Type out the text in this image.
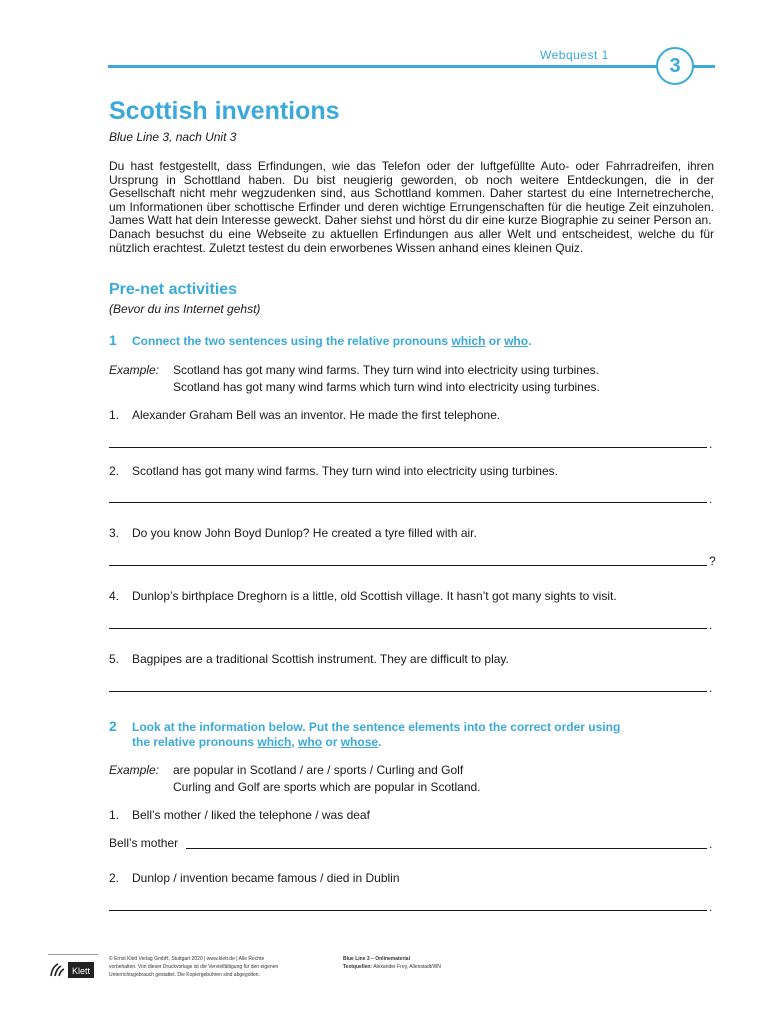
Webquest 1	3
Scottish inventions
Blue Line 3, nach Unit 3

Du hast festgestellt, dass Erfindungen, wie das Telefon oder der luftgefüllte Auto- oder Fahrradreifen, ihren Ursprung in Schottland haben. Du bist neugierig geworden, ob noch weitere Entdeckungen, die in der Gesellschaft nicht mehr wegzudenken sind, aus Schottland kommen. Daher startest du eine Internetrecherche, um Informationen über schottische Erfinder und deren wichtige Errungenschaften für die heutige Zeit einzuholen. James Watt hat dein Interesse geweckt. Daher siehst und hörst du dir eine kurze Biographie zu seiner Person an.

Danach besuchst du eine Webseite zu aktuellen Erfindungen aus aller Welt und entscheidest, welche du für nützlich erachtest. Zuletzt testest du dein erworbenes Wissen anhand eines kleinen Quiz.

Pre-net activities
(Bevor du ins Internet gehst)
1 Connect the two sentences using the relative pronouns which or who.
Example: Scotland has got many wind farms. They turn wind into electricity using turbines.
Scotland has got many wind farms which turn wind into electricity using turbines.
1. Alexander Graham Bell was an inventor. He made the first telephone.
.
2. Scotland has got many wind farms. They turn wind into electricity using turbines.
.
3. Do you know John Boyd Dunlop? He created a tyre filled with air.
?
4. Dunlop’s birthplace Dreghorn is a little, old Scottish village. It hasn’t got many sights to visit.
.
5. Bagpipes are a traditional Scottish instrument. They are difficult to play.
.
2 Look at the information below. Put the sentence elements into the correct order using
the relative pronouns which, who or whose.
Example: are popular in Scotland / are / sports / Curling and Golf
Curling and Golf are sports which are popular in Scotland.
1. Bell’s mother / liked the telephone / was deaf
Bell’s mother	.
2. Dunlop / invention became famous / died in Dublin
.
Klett
© Ernst Klett Verlag GmbH, Stuttgart 2020 | www.klett.de | Alle Rechte
vorbehalten. Von dieser Druckvorlage ist die Vervielfältigung für den eigenen
Unterrichtsgebrauch gestattet. Die Kopiergebühren sind abgegolten.
Blue Line 3 – Onlinematerial
Textquellen: Alexander Frey, Allenstadt/WN
